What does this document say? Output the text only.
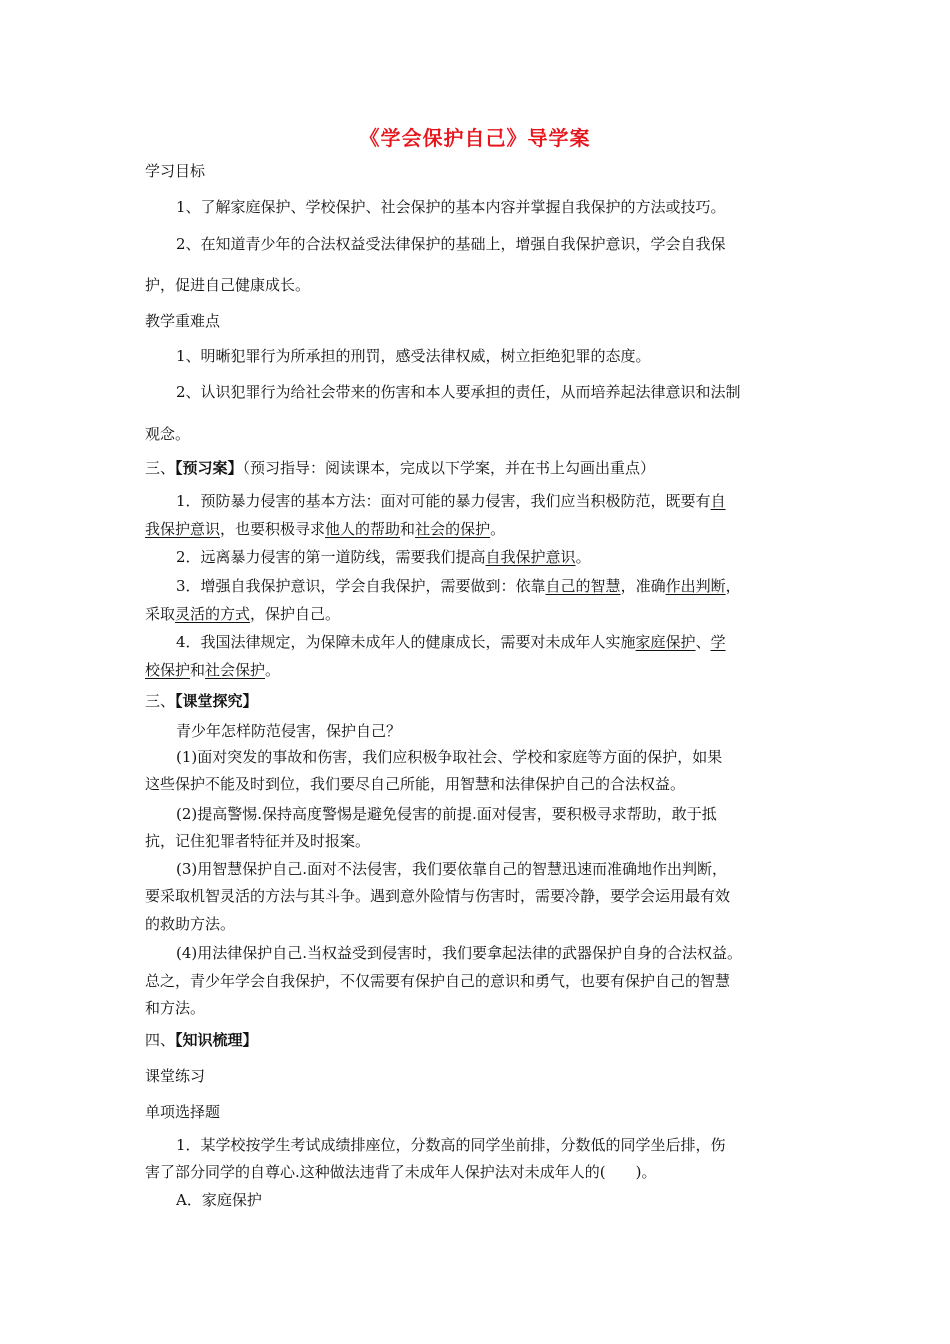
《学会保护自己》导学案
学习目标
1、了解家庭保护、学校保护、社会保护的基本内容并掌握自我保护的方法或技巧。
2、在知道青少年的合法权益受法律保护的基础上，增强自我保护意识，学会自我保
护，促进自己健康成长。
教学重难点
1、明晰犯罪行为所承担的刑罚，感受法律权威，树立拒绝犯罪的态度。
2、认识犯罪行为给社会带来的伤害和本人要承担的责任，从而培养起法律意识和法制
观念。
三、【预习案】（预习指导：阅读课本，完成以下学案，并在书上勾画出重点）
1．预防暴力侵害的基本方法：面对可能的暴力侵害，我们应当积极防范，既要有自
我保护意识，也要积极寻求他人的帮助和社会的保护。
2．远离暴力侵害的第一道防线，需要我们提高自我保护意识。
3．增强自我保护意识，学会自我保护，需要做到：依靠自己的智慧，准确作出判断，
采取灵活的方式，保护自己。
4．我国法律规定，为保障未成年人的健康成长，需要对未成年人实施家庭保护、学
校保护和社会保护。
三、【课堂探究】
青少年怎样防范侵害，保护自己？
(1)面对突发的事故和伤害，我们应积极争取社会、学校和家庭等方面的保护，如果
这些保护不能及时到位，我们要尽自己所能，用智慧和法律保护自己的合法权益。
(2)提高警惕.保持高度警惕是避免侵害的前提.面对侵害，要积极寻求帮助，敢于抵
抗，记住犯罪者特征并及时报案。
(3)用智慧保护自己.面对不法侵害，我们要依靠自己的智慧迅速而准确地作出判断，
要采取机智灵活的方法与其斗争。遇到意外险情与伤害时，需要冷静，要学会运用最有效
的救助方法。
(4)用法律保护自己.当权益受到侵害时，我们要拿起法律的武器保护自身的合法权益。
总之，青少年学会自我保护，不仅需要有保护自己的意识和勇气，也要有保护自己的智慧
和方法。
四、【知识梳理】
课堂练习
单项选择题
1．某学校按学生考试成绩排座位，分数高的同学坐前排，分数低的同学坐后排，伤
害了部分同学的自尊心.这种做法违背了未成年人保护法对未成年人的(　　)。
A．家庭保护
